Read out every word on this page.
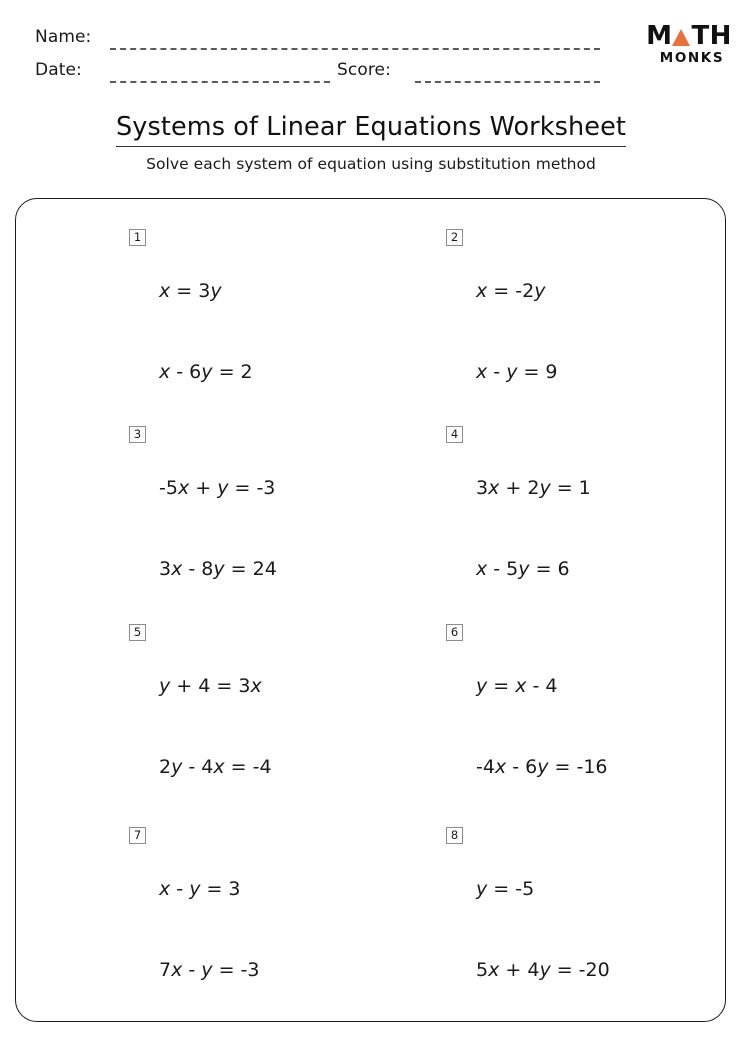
Name:
Date:	Score:
M TH
MONKS
Systems of Linear Equations Worksheet
Solve each system of equation using substitution method
1

x = 3y

x - 6y = 2

2

x = -2y

x - y = 9

3

-5x + y = -3

3x - 8y = 24

4

3x + 2y = 1

x - 5y = 6

5

y + 4 = 3x

2y - 4x = -4

6

y = x - 4

-4x - 6y = -16

7

x - y = 3

7x - y = -3

8

y = -5

5x + 4y = -20
